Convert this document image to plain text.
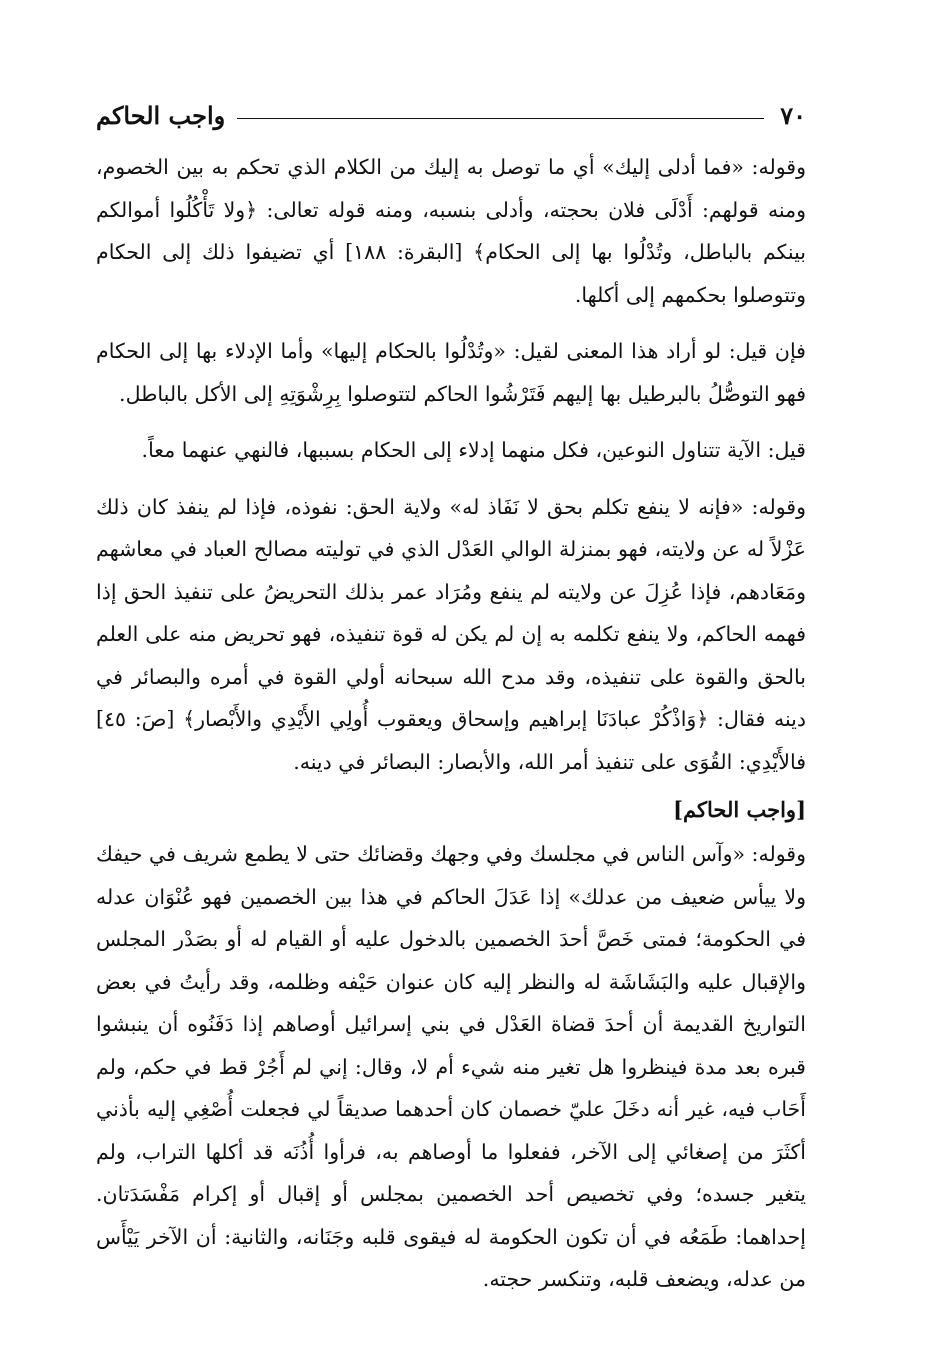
٧٠
واجب الحاكم

وقوله: «فما أدلى إليك» أي ما توصل به إليك من الكلام الذي تحكم به بين الخصوم، ومنه قولهم: أَدْلَى فلان بحجته، وأدلى بنسبه، ومنه قوله تعالى: ﴿ولا تَأْكُلُوا أموالكم بينكم بالباطل، وتُدْلُوا بها إلى الحكام﴾ [البقرة: ١٨٨] أي تضيفوا ذلك إلى الحكام وتتوصلوا بحكمهم إلى أكلها.

فإن قيل: لو أراد هذا المعنى لقيل: «وتُدْلُوا بالحكام إليها» وأما الإدلاء بها إلى الحكام فهو التوصُّلُ بالبرطيل بها إليهم فَتَرْشُوا الحاكم لتتوصلوا بِرِشْوَتِهِ إلى الأكل بالباطل.

قيل: الآية تتناول النوعين، فكل منهما إدلاء إلى الحكام بسببها، فالنهي عنهما معاً.

وقوله: «فإنه لا ينفع تكلم بحق لا نَفَاذ له» ولاية الحق: نفوذه، فإذا لم ينفذ كان ذلك عَزْلاً له عن ولايته، فهو بمنزلة الوالي العَدْل الذي في توليته مصالح العباد في معاشهم ومَعَادهم، فإذا عُزِلَ عن ولايته لم ينفع ومُرَاد عمر بذلك التحريضُ على تنفيذ الحق إذا فهمه الحاكم، ولا ينفع تكلمه به إن لم يكن له قوة تنفيذه، فهو تحريض منه على العلم بالحق والقوة على تنفيذه، وقد مدح الله سبحانه أولي القوة في أمره والبصائر في دينه فقال: ﴿وَاذْكُرْ عبادَنَا إبراهيم وإسحاق ويعقوب أُولِي الأَيْدِي والأَبْصار﴾ [صَ: ٤٥] فالأَيْدِي: القُوَى على تنفيذ أمر الله، والأبصار: البصائر في دينه.

[واجب الحاكم]

وقوله: «وآس الناس في مجلسك وفي وجهك وقضائك حتى لا يطمع شريف في حيفك ولا ييأس ضعيف من عدلك» إذا عَدَلَ الحاكم في هذا بين الخصمين فهو عُنْوَان عدله في الحكومة؛ فمتى خَصَّ أحدَ الخصمين بالدخول عليه أو القيام له أو بصَدْر المجلس والإقبال عليه والبَشَاشَة له والنظر إليه كان عنوان حَيْفه وظلمه، وقد رأيتُ في بعض التواريخ القديمة أن أحدَ قضاة العَدْل في بني إسرائيل أوصاهم إذا دَفَنُوه أن ينبشوا قبره بعد مدة فينظروا هل تغير منه شيء أم لا، وقال: إني لم أَجُرْ قط في حكم، ولم أَحَاب فيه، غير أنه دخَلَ عليّ خصمان كان أحدهما صديقاً لي فجعلت أُصْغِي إليه بأذني أكثَرَ من إصغائي إلى الآخر، ففعلوا ما أوصاهم به، فرأوا أُذُنَه قد أكلها التراب، ولم يتغير جسده؛ وفي تخصيص أحد الخصمين بمجلس أو إقبال أو إكرام مَفْسَدَتان. إحداهما: طَمَعُه في أن تكون الحكومة له فيقوى قلبه وجَنَانه، والثانية: أن الآخر يَيْأَس من عدله، ويضعف قلبه، وتنكسر حجته.
